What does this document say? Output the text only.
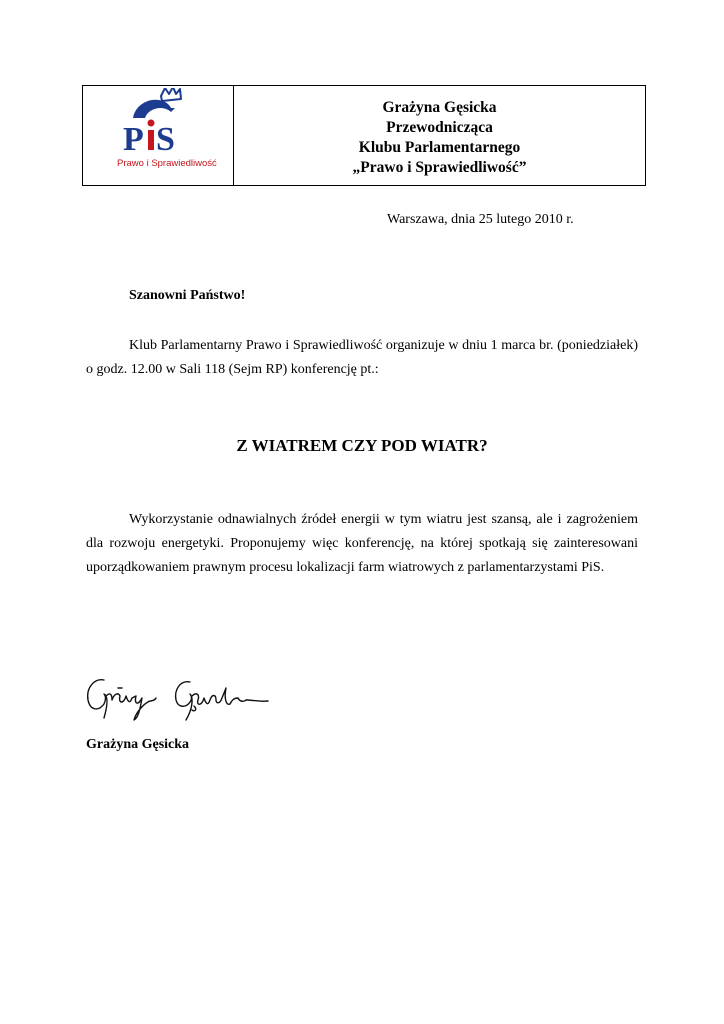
P S
Prawo i Sprawiedliwość
Grażyna Gęsicka
Przewodnicząca
Klubu Parlamentarnego
„Prawo i Sprawiedliwość”
Warszawa, dnia 25 lutego 2010 r.
Szanowni Państwo!

Klub Parlamentarny Prawo i Sprawiedliwość organizuje w dniu 1 marca br. (poniedziałek) o godz. 12.00 w Sali 118 (Sejm RP) konferencję pt.:

Z WIATREM CZY POD WIATR?

Wykorzystanie odnawialnych źródeł energii w tym wiatru jest szansą, ale i zagrożeniem dla rozwoju energetyki. Proponujemy więc konferencję, na której spotkają się zainteresowani uporządkowaniem prawnym procesu lokalizacji farm wiatrowych z parlamentarzystami PiS.

Grażyna Gęsicka
